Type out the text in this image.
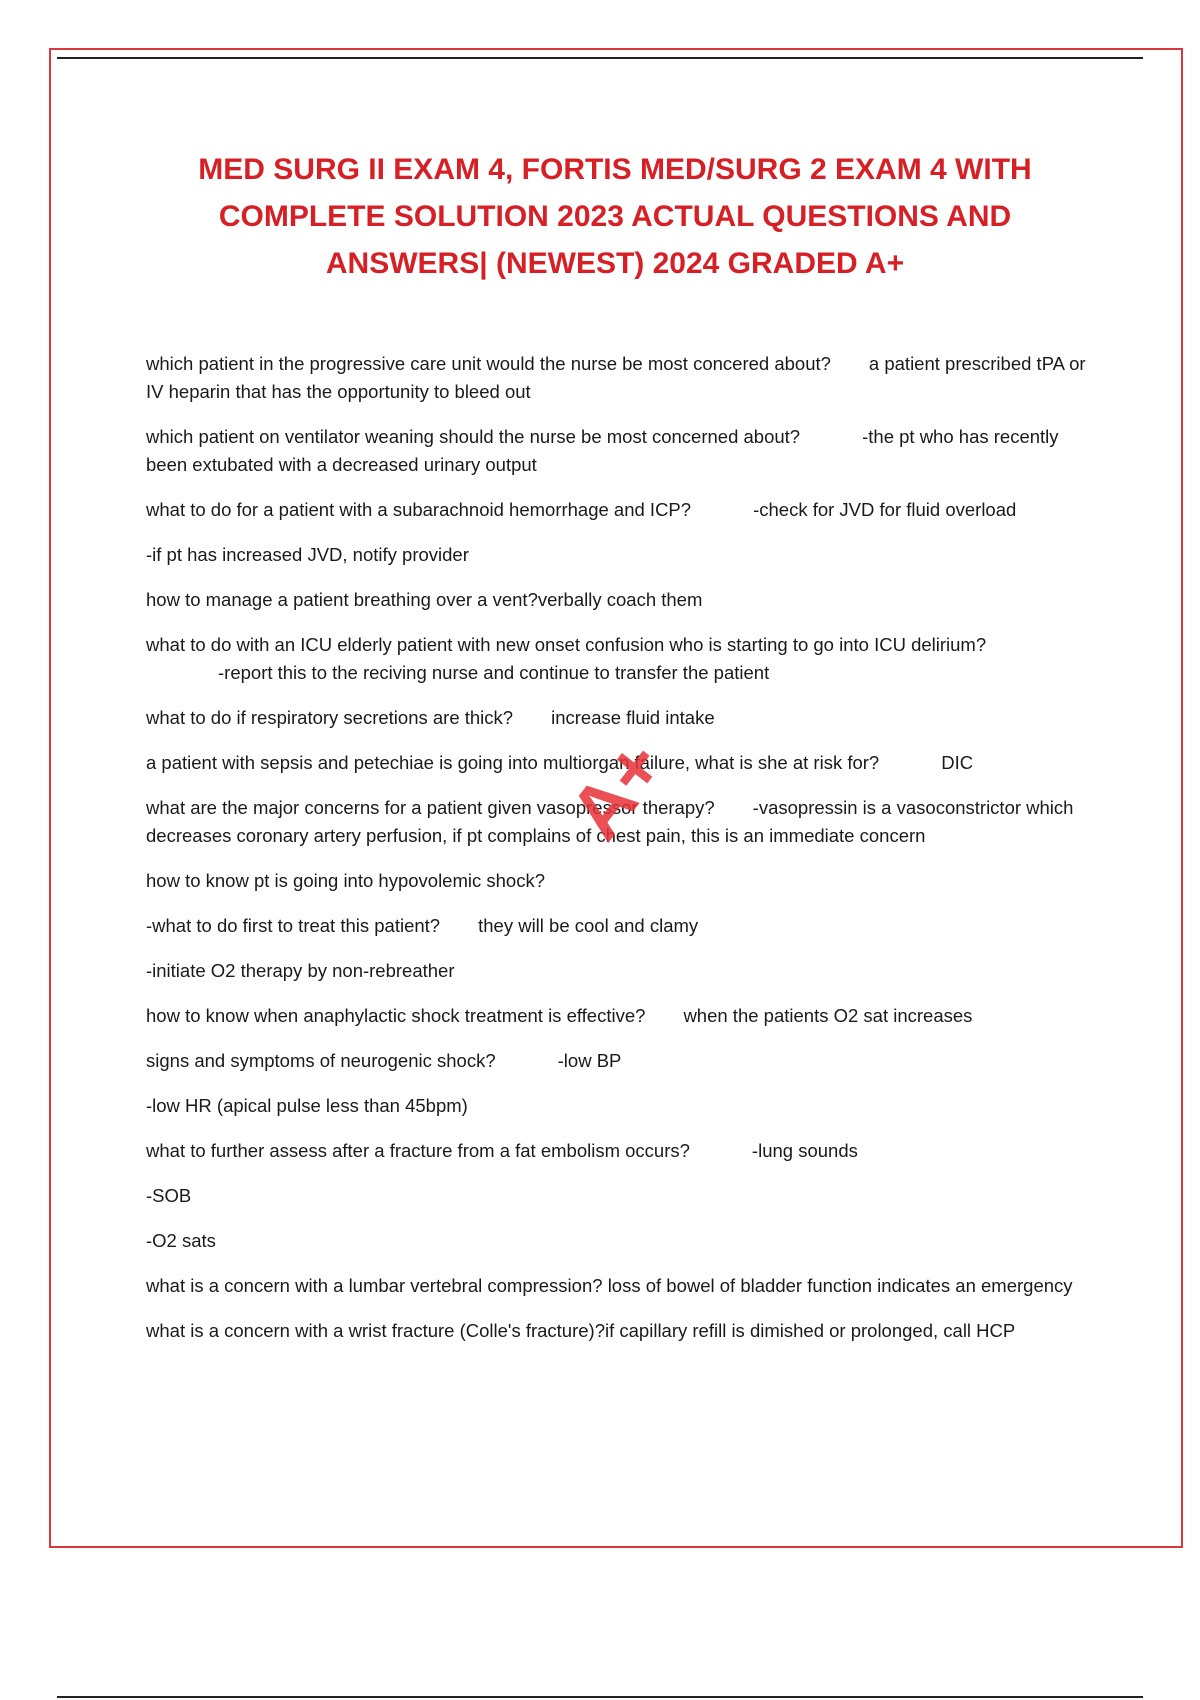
MED SURG II EXAM 4, FORTIS MED/SURG 2 EXAM 4 WITH
COMPLETE SOLUTION 2023 ACTUAL QUESTIONS AND
ANSWERS| (NEWEST) 2024 GRADED A+

which patient in the progressive care unit would the nurse be most concered about? a patient prescribed tPA or IV heparin that has the opportunity to bleed out

which patient on ventilator weaning should the nurse be most concerned about?	-the pt who has recently been extubated with a decreased urinary output

what to do for a patient with a subarachnoid hemorrhage and ICP?	-check for JVD for fluid overload

-if pt has increased JVD, notify provider

how to manage a patient breathing over a vent?verbally coach them

what to do with an ICU elderly patient with new onset confusion who is starting to go into ICU delirium?
-report this to the reciving nurse and continue to transfer the patient

what to do if respiratory secretions are thick? increase fluid intake

a patient with sepsis and petechiae is going into multiorgan failure, what is she at risk for?	DIC

what are the major concerns for a patient given vasopressor therapy? -vasopressin is a vasoconstrictor which decreases coronary artery perfusion, if pt complains of chest pain, this is an immediate concern

how to know pt is going into hypovolemic shock?

-what to do first to treat this patient? they will be cool and clamy

-initiate O2 therapy by non-rebreather

how to know when anaphylactic shock treatment is effective? when the patients O2 sat increases

signs and symptoms of neurogenic shock?	-low BP

-low HR (apical pulse less than 45bpm)

what to further assess after a fracture from a fat embolism occurs?	-lung sounds

-SOB

-O2 sats

what is a concern with a lumbar vertebral compression? loss of bowel of bladder function indicates an emergency

what is a concern with a wrist fracture (Colle's fracture)?if capillary refill is dimished or prolonged, call HCP

A+
